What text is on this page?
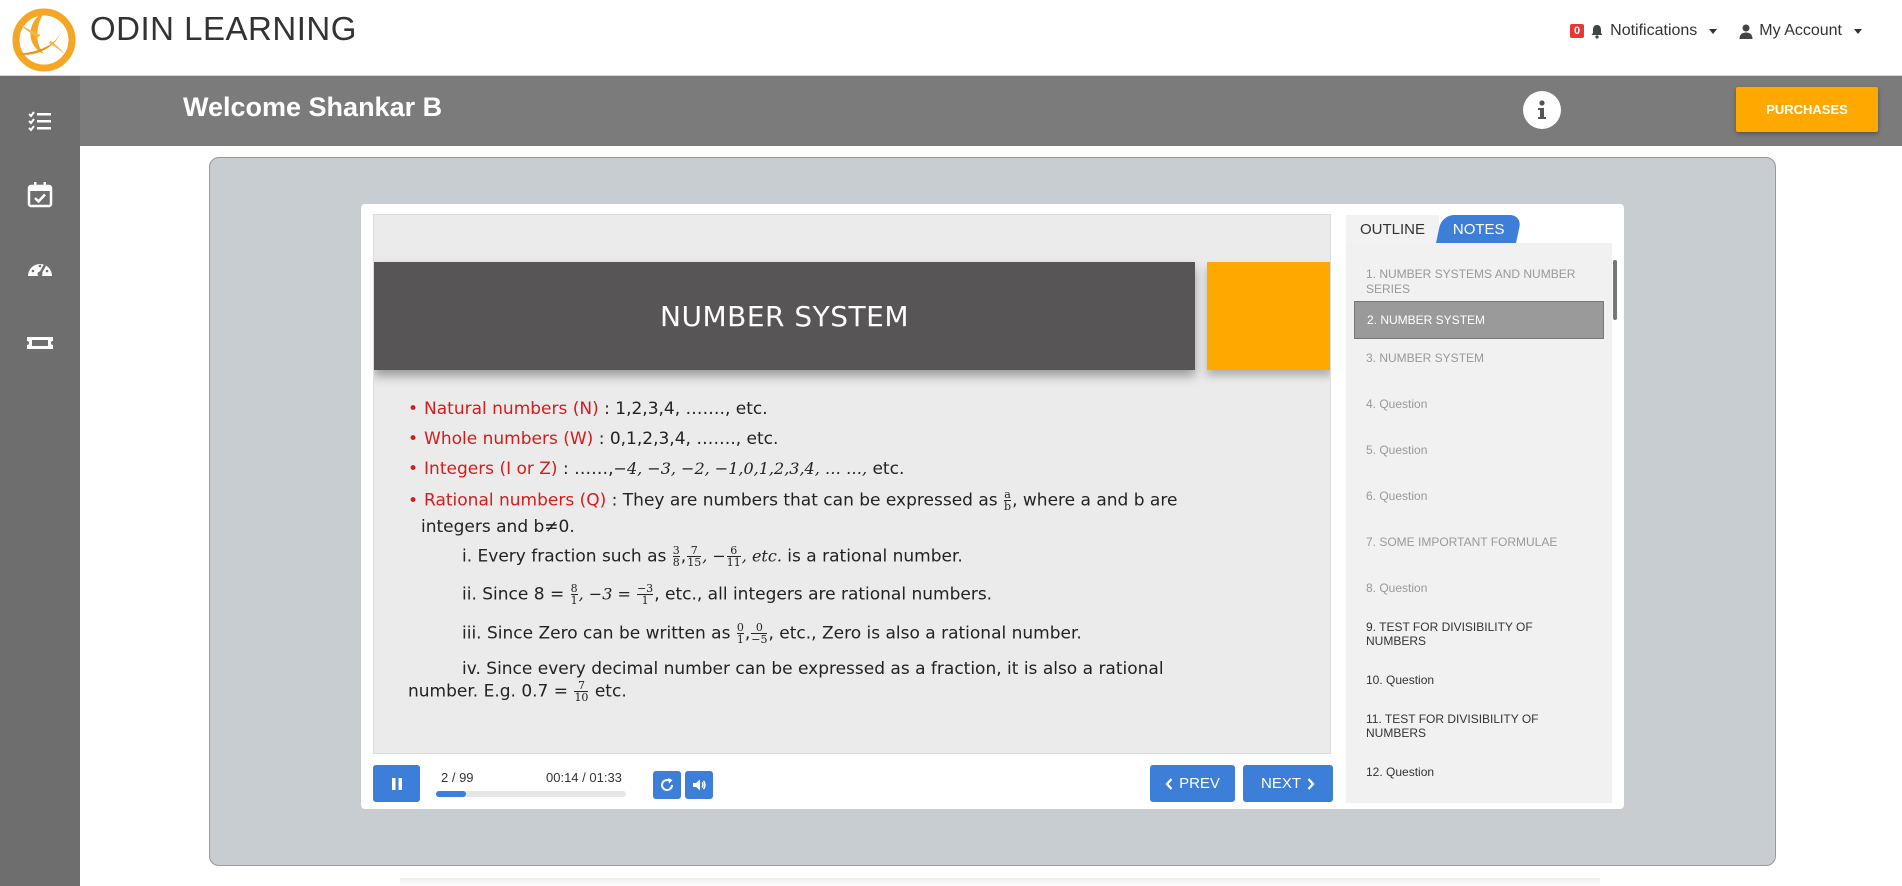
ODIN LEARNING	0 Notifications	My Account
Welcome Shankar B	PURCHASES
NUMBER SYSTEM
• Natural numbers (N) : 1,2,3,4, ……., etc.
• Whole numbers (W) : 0,1,2,3,4, ……., etc.
• Integers (I or Z) : ……,−4, −3, −2, −1,0,1,2,3,4, … …, etc.
• Rational numbers (Q) : They are numbers that can be expressed as $\frac{a}{b}$ , where a and b are
integers and b≠0.
i. Every fraction such as $\frac{3}{8}$ , $\frac{7}{15}$ , − $\frac{6}{11}$ , etc. is a rational number.
ii. Since $8 = \frac{8}{1}$ , $-3 = \frac{-3}{1}$ , etc., all integers are rational numbers.
iii. Since Zero can be written as $\frac{0}{1}$ , $\frac{0}{-5}$ , etc., Zero is also a rational number.
iv. Since every decimal number can be expressed as a fraction, it is also a rational
number. E.g. $0.7 = \frac{7}{10}$ etc.
2 / 99	00:14 / 01:33	PREV	NEXT
OUTLINE	NOTES
1. NUMBER SYSTEMS AND NUMBER SERIES
2. NUMBER SYSTEM
3. NUMBER SYSTEM
4. Question
5. Question
6. Question
7. SOME IMPORTANT FORMULAE
8. Question
9. TEST FOR DIVISIBILITY OF NUMBERS
10. Question
11. TEST FOR DIVISIBILITY OF NUMBERS
12. Question
